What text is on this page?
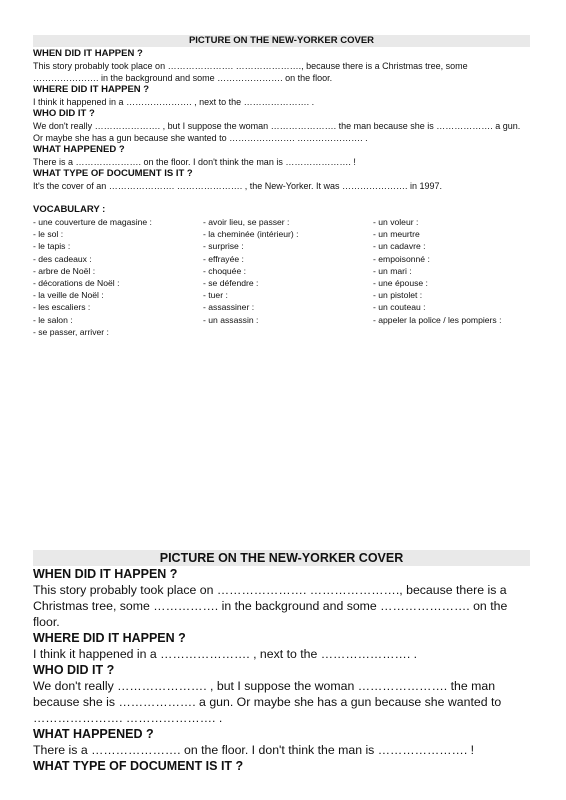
PICTURE ON THE NEW-YORKER COVER
WHEN DID IT HAPPEN ?
This story probably took place on …………………. …………………., because there is a Christmas tree, some …………………. in the background and some …………………. on the floor.
WHERE DID IT HAPPEN ?
I think it happened in a …………………. , next to the …………………. .
WHO DID IT ?
We don't really …………………. , but I suppose the woman …………………. the man because she is ………………. a gun. Or maybe she has a gun because she wanted to …………………. …………………. .
WHAT HAPPENED ?
There is a …………………. on the floor. I don't think the man is …………………. !
WHAT TYPE OF DOCUMENT IS IT ?
It's the cover of an …………………. …………………. , the New-Yorker. It was …………………. in 1997.
VOCABULARY :
- une couverture de magasine :
- le sol :
- le tapis :
- des cadeaux :
- arbre de Noël :
- décorations de Noël :
- la veille de Noël :
- les escaliers :
- le salon :
- se passer, arriver :
- avoir lieu, se passer :
- la cheminée (intérieur) :
- surprise :
- effrayée :
- choquée :
- se défendre :
- tuer :
- assassiner :
- un assassin :
- un voleur :
- un meurtre
- un cadavre :
- empoisonné :
- un mari :
- une épouse :
- un pistolet :
- un couteau :
- appeler la police / les pompiers :
PICTURE ON THE NEW-YORKER COVER
WHEN DID IT HAPPEN ?
This story probably took place on …………………. …………………., because there is a Christmas tree, some ……………. in the background and some …………………. on the floor.
WHERE DID IT HAPPEN ?
I think it happened in a …………………. , next to the …………………. .
WHO DID IT ?
We don't really …………………. , but I suppose the woman …………………. the man because she is ………………. a gun. Or maybe she has a gun because she wanted to …………………. …………………. .
WHAT HAPPENED ?
There is a …………………. on the floor. I don't think the man is …………………. !
WHAT TYPE OF DOCUMENT IS IT ?
